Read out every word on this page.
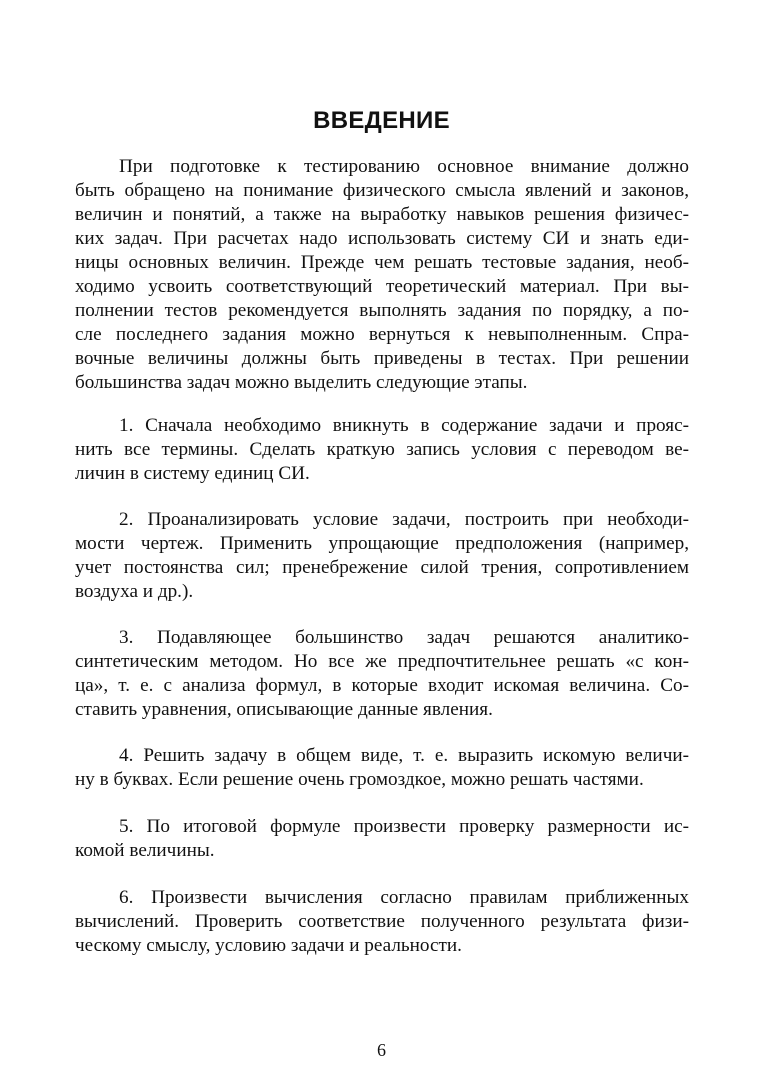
ВВЕДЕНИЕ
При подготовке к тестированию основное внимание должно
быть обращено на понимание физического смысла явлений и законов,
величин и понятий, а также на выработку навыков решения физичес-
ких задач. При расчетах надо использовать систему СИ и знать еди-
ницы основных величин. Прежде чем решать тестовые задания, необ-
ходимо усвоить соответствующий теоретический материал. При вы-
полнении тестов рекомендуется выполнять задания по порядку, а по-
сле последнего задания можно вернуться к невыполненным. Спра-
вочные величины должны быть приведены в тестах. При решении
большинства задач можно выделить следующие этапы.
1. Сначала необходимо вникнуть в содержание задачи и прояс-
нить все термины. Сделать краткую запись условия с переводом ве-
личин в систему единиц СИ.
2. Проанализировать условие задачи, построить при необходи-
мости чертеж. Применить упрощающие предположения (например,
учет постоянства сил; пренебрежение силой трения, сопротивлением
воздуха и др.).
3. Подавляющее большинство задач решаются аналитико-
синтетическим методом. Но все же предпочтительнее решать «с кон-
ца», т. е. с анализа формул, в которые входит искомая величина. Со-
ставить уравнения, описывающие данные явления.
4. Решить задачу в общем виде, т. е. выразить искомую величи-
ну в буквах. Если решение очень громоздкое, можно решать частями.
5. По итоговой формуле произвести проверку размерности ис-
комой величины.
6. Произвести вычисления согласно правилам приближенных
вычислений. Проверить соответствие полученного результата физи-
ческому смыслу, условию задачи и реальности.
6
